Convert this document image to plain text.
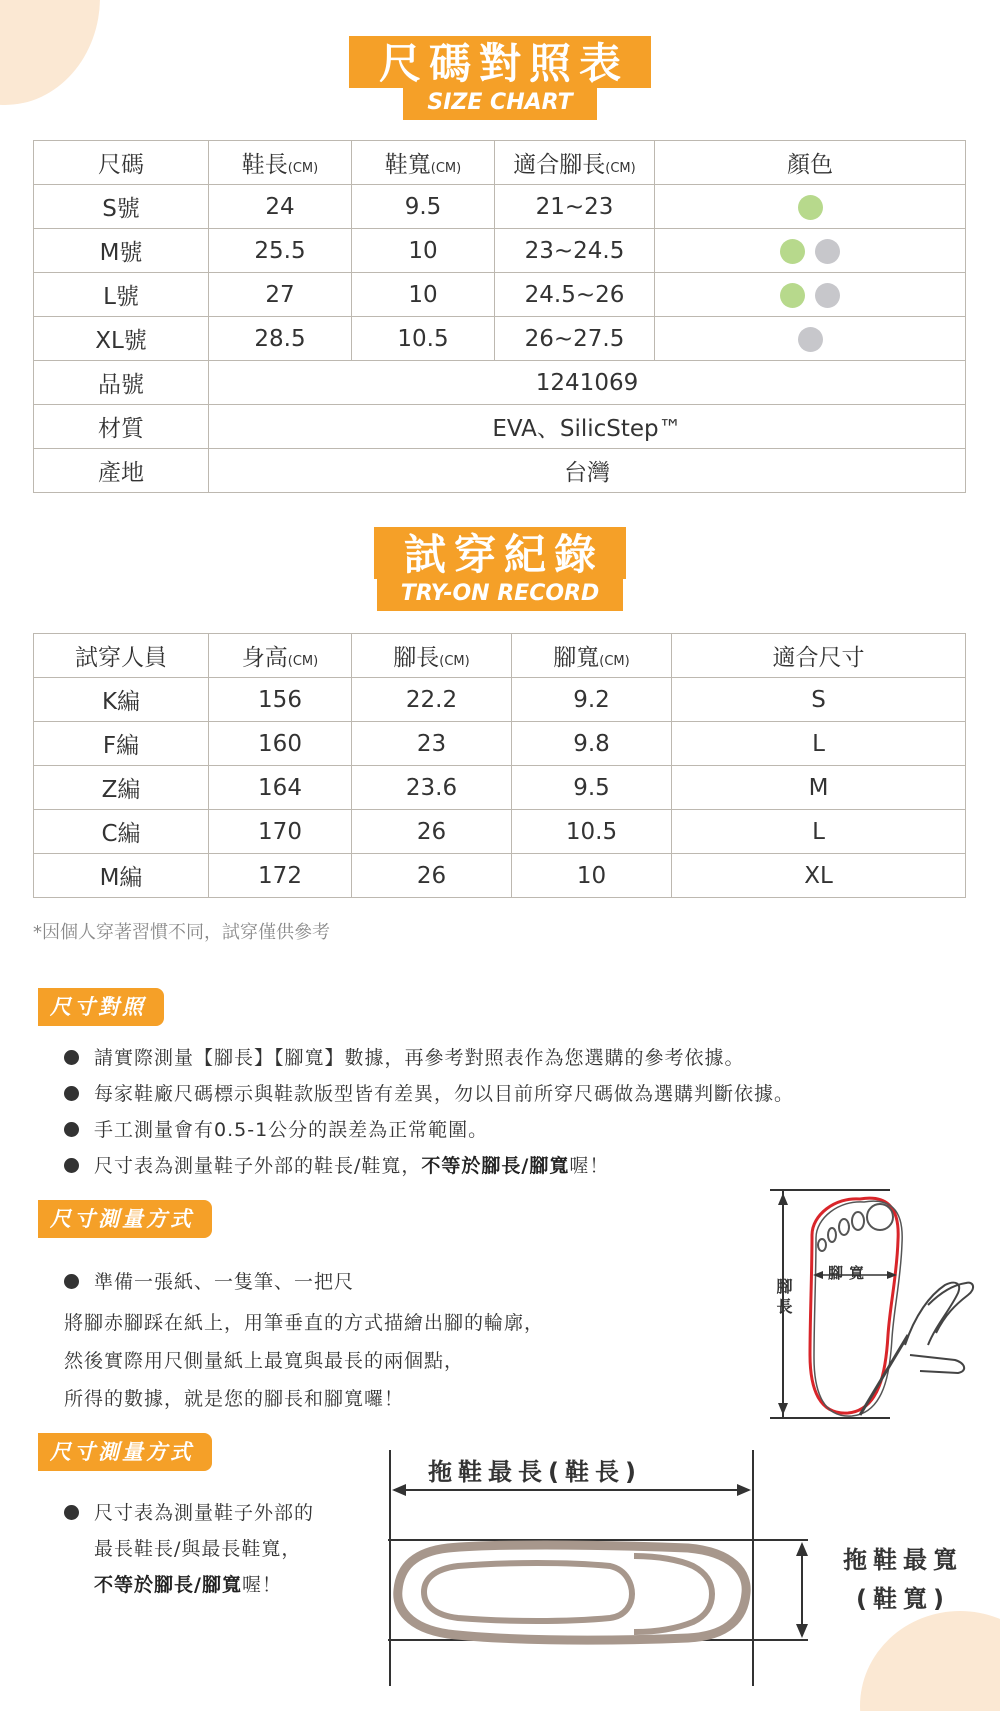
尺碼對照表
SIZE CHART
尺碼	鞋長(CM)	鞋寬(CM)	適合腳長(CM)	顏色
S號	24	9.5	21~23	
M號	25.5	10	23~24.5	
L號	27	10	24.5~26	
XL號	28.5	10.5	26~27.5	
品號	1241069			
材質	EVA、SilicStep™			
產地	台灣			
試穿紀錄
TRY-ON RECORD
試穿人員	身高(CM)	腳長(CM)	腳寬(CM)	適合尺寸
K編	156	22.2	9.2	S
F編	160	23	9.8	L
Z編	164	23.6	9.5	M
C編	170	26	10.5	L
M編	172	26	10	XL
*因個人穿著習慣不同，試穿僅供參考
尺寸對照
請實際測量【腳長】【腳寬】數據，再參考對照表作為您選購的參考依據。
每家鞋廠尺碼標示與鞋款版型皆有差異，勿以目前所穿尺碼做為選購判斷依據。
手工測量會有0.5-1公分的誤差為正常範圍。
尺寸表為測量鞋子外部的鞋長/鞋寬，不等於腳長/腳寬喔！
尺寸測量方式
準備一張紙、一隻筆、一把尺
將腳赤腳踩在紙上，用筆垂直的方式描繪出腳的輪廓，
然後實際用尺側量紙上最寬與最長的兩個點，
所得的數據，就是您的腳長和腳寬囉！
腳長
腳寬
尺寸測量方式
尺寸表為測量鞋子外部的
最長鞋長/與最長鞋寬，
不等於腳長/腳寬喔！
拖鞋最長(鞋長)
拖鞋最寬
(鞋寬)
